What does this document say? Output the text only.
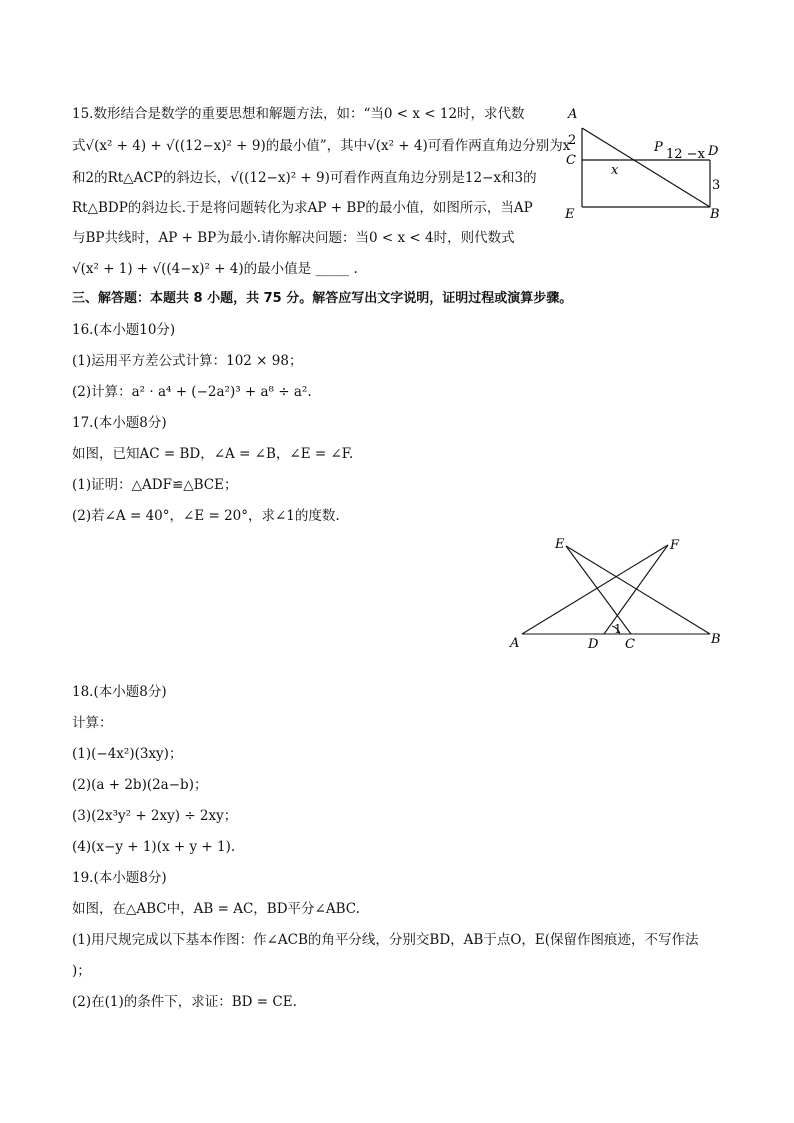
15.数形结合是数学的重要思想和解题方法，如：“当0 < x < 12时，求代数
式√(x² + 4) + √((12−x)² + 9)的最小值”，其中√(x² + 4)可看作两直角边分别为x
和2的Rt△ACP的斜边长，√((12−x)² + 9)可看作两直角边分别是12−x和3的
Rt△BDP的斜边长.于是将问题转化为求AP + BP的最小值，如图所示，当AP
与BP共线时，AP + BP为最小.请你解决问题：当0 < x < 4时，则代数式
√(x² + 1) + √((4−x)² + 4)的最小值是 _____ .
A
2
C
P 12 −x D
x
3
E	B
三、解答题：本题共 8 小题，共 75 分。解答应写出文字说明，证明过程或演算步骤。
16.(本小题10分)
(1)运用平方差公式计算：102 × 98；
(2)计算：a² · a⁴ + (−2a²)³ + a⁸ ÷ a².
17.(本小题8分)
如图，已知AC = BD，∠A = ∠B，∠E = ∠F.
(1)证明：△ADF≌△BCE；
(2)若∠A = 40°，∠E = 20°，求∠1的度数.
E	F
1
A	D C	B
18.(本小题8分)
计算：
(1)(−4x²)(3xy)；
(2)(a + 2b)(2a−b)；
(3)(2x³y² + 2xy) ÷ 2xy；
(4)(x−y + 1)(x + y + 1).
19.(本小题8分)
如图，在△ABC中，AB = AC，BD平分∠ABC.
(1)用尺规完成以下基本作图：作∠ACB的角平分线，分别交BD，AB于点O，E(保留作图痕迹，不写作法
)；
(2)在(1)的条件下，求证：BD = CE.
